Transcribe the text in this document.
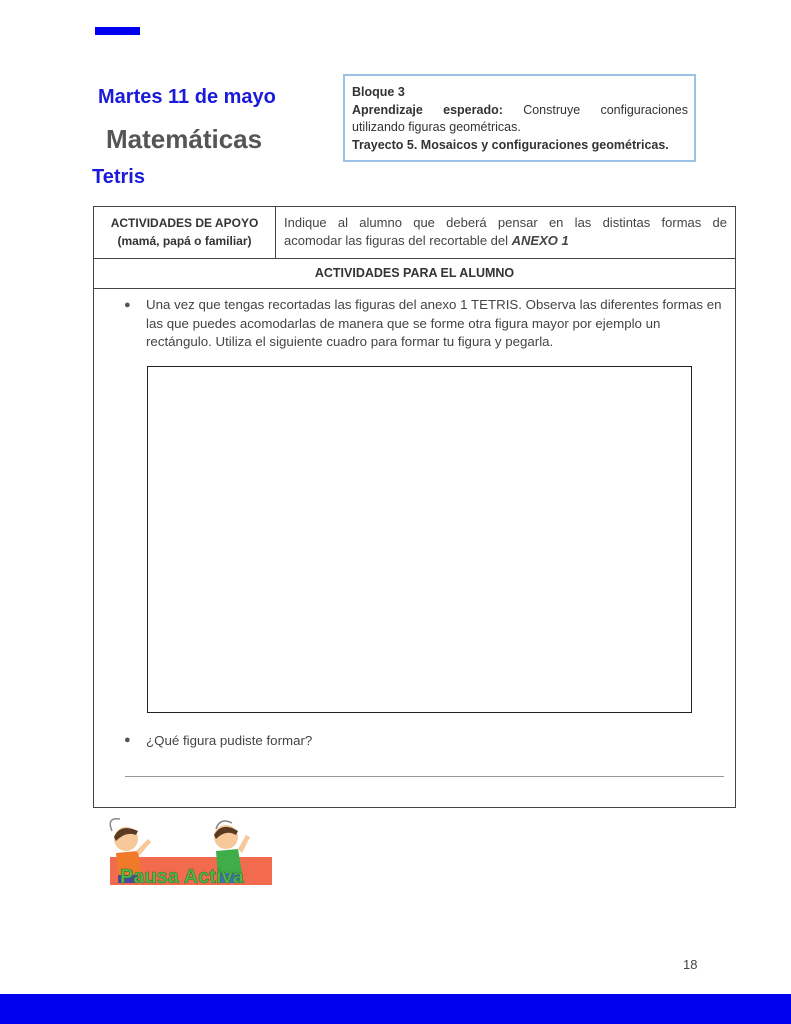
Martes 11 de mayo
Matemáticas
Tetris
Bloque 3
Aprendizaje esperado: Construye configuraciones
utilizando figuras geométricas.
Trayecto 5. Mosaicos y configuraciones geométricas.
ACTIVIDADES DE APOYO
(mamá, papá o familiar)
Indique al alumno que deberá pensar en las distintas formas de
acomodar las figuras del recortable del ANEXO 1
ACTIVIDADES PARA EL ALUMNO
● Una vez que tengas recortadas las figuras del anexo 1 TETRIS. Observa las diferentes formas en las que puedes acomodarlas de manera que se forme otra figura mayor por ejemplo un rectángulo. Utiliza el siguiente cuadro para formar tu figura y pegarla.
● ¿Qué figura pudiste formar?
Pausa Activa
18
